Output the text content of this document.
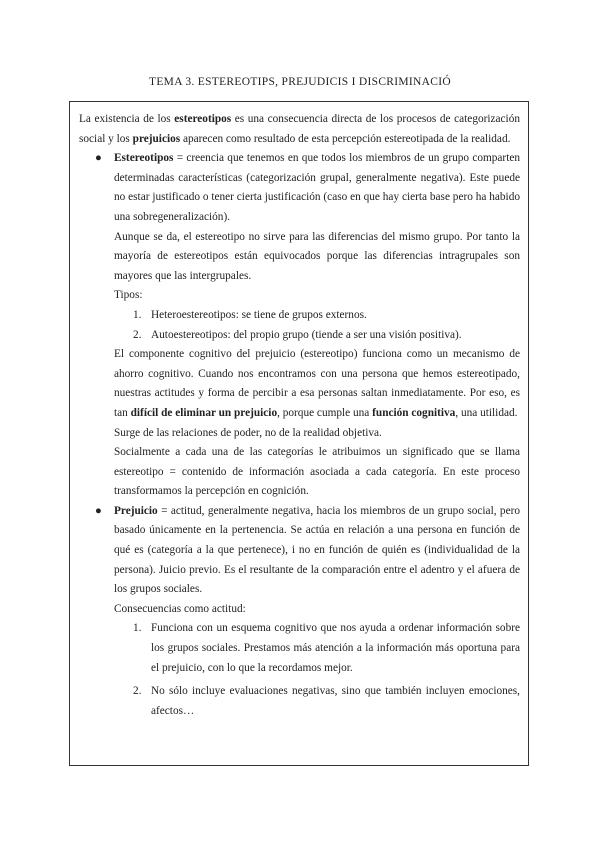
TEMA 3. ESTEREOTIPS, PREJUDICIS I DISCRIMINACIÓ

La existencia de los estereotipos es una consecuencia directa de los procesos de categorización social y los prejuicios aparecen como resultado de esta percepción estereotipada de la realidad.

● Estereotipos = creencia que tenemos en que todos los miembros de un grupo comparten determinadas características (categorización grupal, generalmente negativa). Este puede no estar justificado o tener cierta justificación (caso en que hay cierta base pero ha habido una sobregeneralización).

Aunque se da, el estereotipo no sirve para las diferencias del mismo grupo. Por tanto la mayoría de estereotipos están equivocados porque las diferencias intragrupales son mayores que las intergrupales.

Tipos:

1. Heteroestereotipos: se tiene de grupos externos.

2. Autoestereotipos: del propio grupo (tiende a ser una visión positiva).

El componente cognitivo del prejuicio (estereotipo) funciona como un mecanismo de ahorro cognitivo. Cuando nos encontramos con una persona que hemos estereotipado, nuestras actitudes y forma de percibir a esa personas saltan inmediatamente. Por eso, es tan difícil de eliminar un prejuicio, porque cumple una función cognitiva, una utilidad.

Surge de las relaciones de poder, no de la realidad objetiva.

Socialmente a cada una de las categorías le atribuimos un significado que se llama estereotipo = contenido de información asociada a cada categoría. En este proceso transformamos la percepción en cognición.

● Prejuicio = actitud, generalmente negativa, hacia los miembros de un grupo social, pero basado únicamente en la pertenencia. Se actúa en relación a una persona en función de qué es (categoría a la que pertenece), i no en función de quién es (individualidad de la persona). Juicio previo. Es el resultante de la comparación entre el adentro y el afuera de los grupos sociales.

Consecuencias como actitud:

1. Funciona con un esquema cognitivo que nos ayuda a ordenar información sobre los grupos sociales. Prestamos más atención a la información más oportuna para el prejuicio, con lo que la recordamos mejor.

2. No sólo incluye evaluaciones negativas, sino que también incluyen emociones, afectos…
